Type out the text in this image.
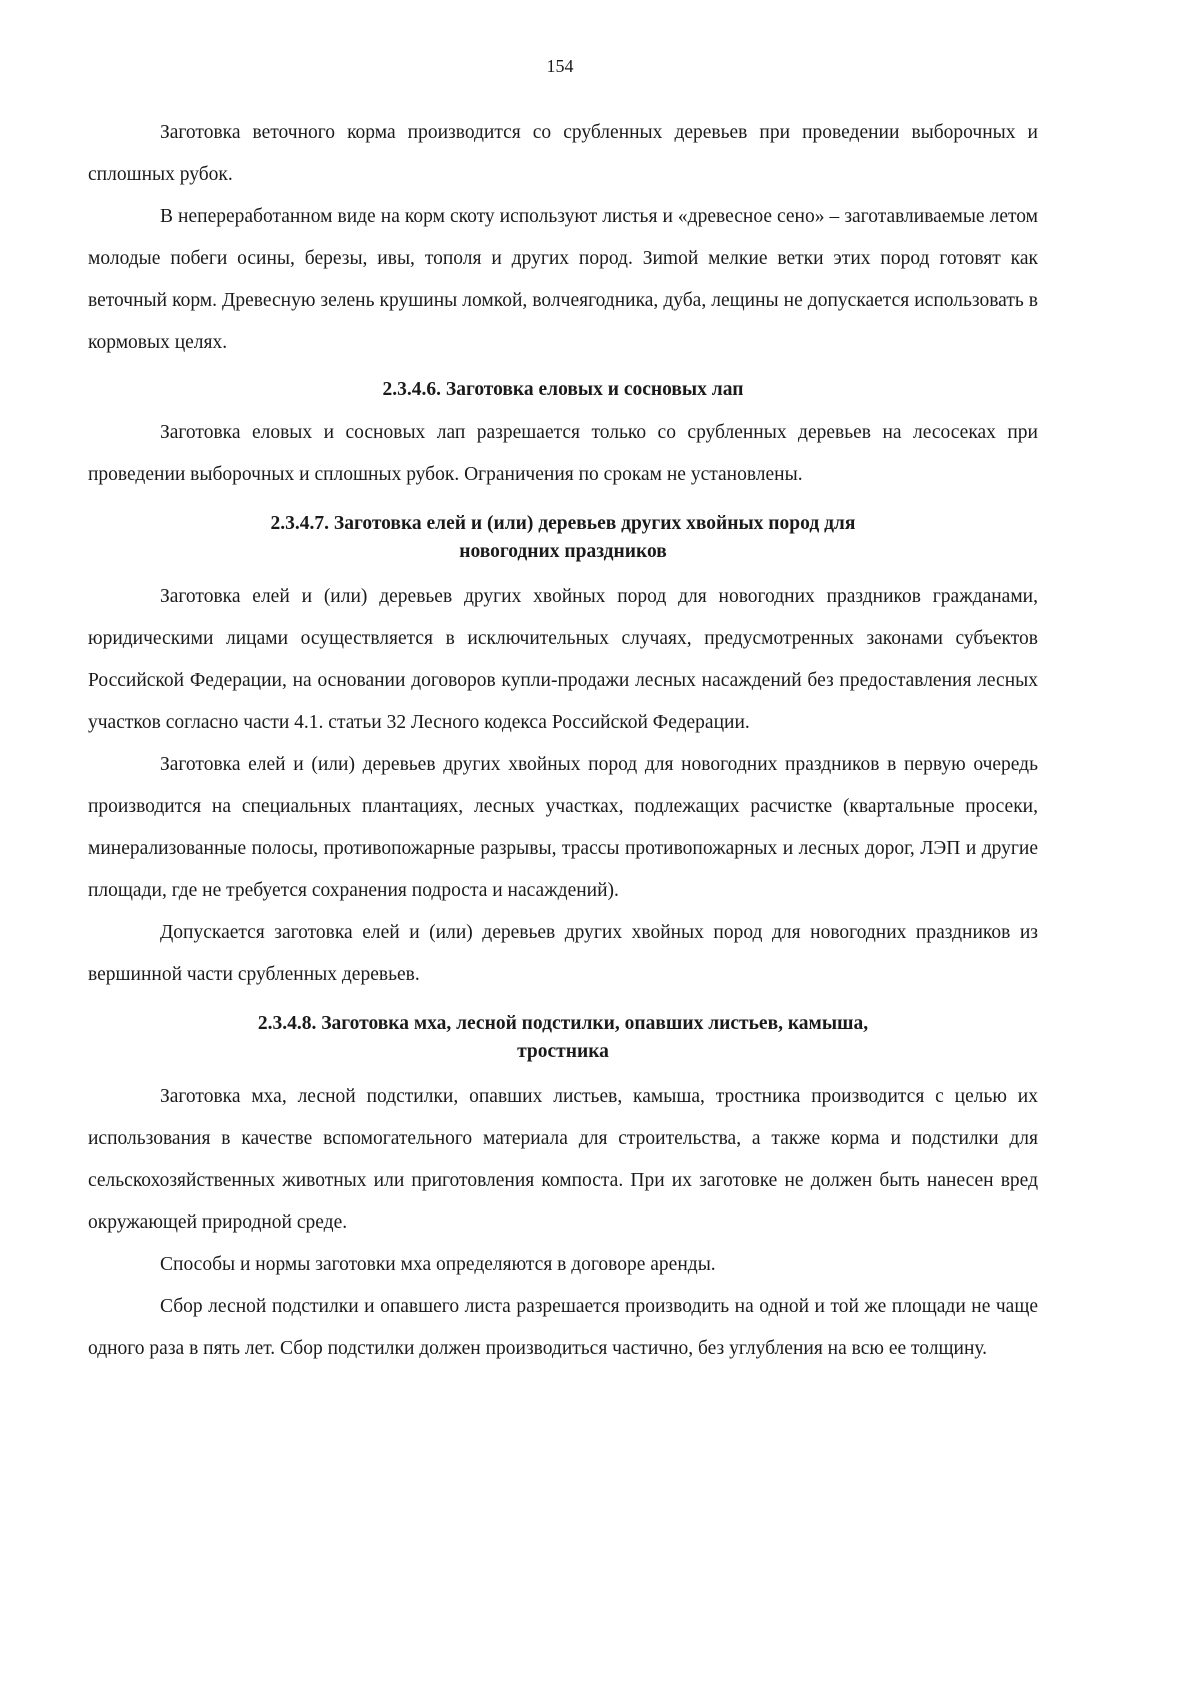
154

Заготовка веточного корма производится со срубленных деревьев при проведении выборочных и сплошных рубок.

В непереработанном виде на корм скоту используют листья и «древесное сено» – заготавливаемые летом молодые побеги осины, березы, ивы, тополя и других пород. Зиmой мелкие ветки этих пород готовят как веточный корм. Древесную зелень крушины ломкой, волчеягодника, дуба, лещины не допускается использовать в кормовых целях.

2.3.4.6. Заготовка еловых и сосновых лап

Заготовка еловых и сосновых лап разрешается только со срубленных деревьев на лесосеках при проведении выборочных и сплошных рубок. Ограничения по срокам не установлены.

2.3.4.7. Заготовка елей и (или) деревьев других хвойных пород для
новогодних праздников

Заготовка елей и (или) деревьев других хвойных пород для новогодних праздников гражданами, юридическими лицами осуществляется в исключительных случаях, предусмотренных законами субъектов Российской Федерации, на основании договоров купли-продажи лесных насаждений без предоставления лесных участков согласно части 4.1. статьи 32 Лесного кодекса Российской Федерации.

Заготовка елей и (или) деревьев других хвойных пород для новогодних праздников в первую очередь производится на специальных плантациях, лесных участках, подлежащих расчистке (квартальные просеки, минерализованные полосы, противопожарные разрывы, трассы противопожарных и лесных дорог, ЛЭП и другие площади, где не требуется сохранения подроста и насаждений).

Допускается заготовка елей и (или) деревьев других хвойных пород для новогодних праздников из вершинной части срубленных деревьев.

2.3.4.8. Заготовка мха, лесной подстилки, опавших листьев, камыша,
тростника

Заготовка мха, лесной подстилки, опавших листьев, камыша, тростника производится с целью их использования в качестве вспомогательного материала для строительства, а также корма и подстилки для сельскохозяйственных животных или приготовления компоста. При их заготовке не должен быть нанесен вред окружающей природной среде.

Способы и нормы заготовки мха определяются в договоре аренды.

Сбор лесной подстилки и опавшего листа разрешается производить на одной и той же площади не чаще одного раза в пять лет. Сбор подстилки должен производиться частично, без углубления на всю ее толщину.
